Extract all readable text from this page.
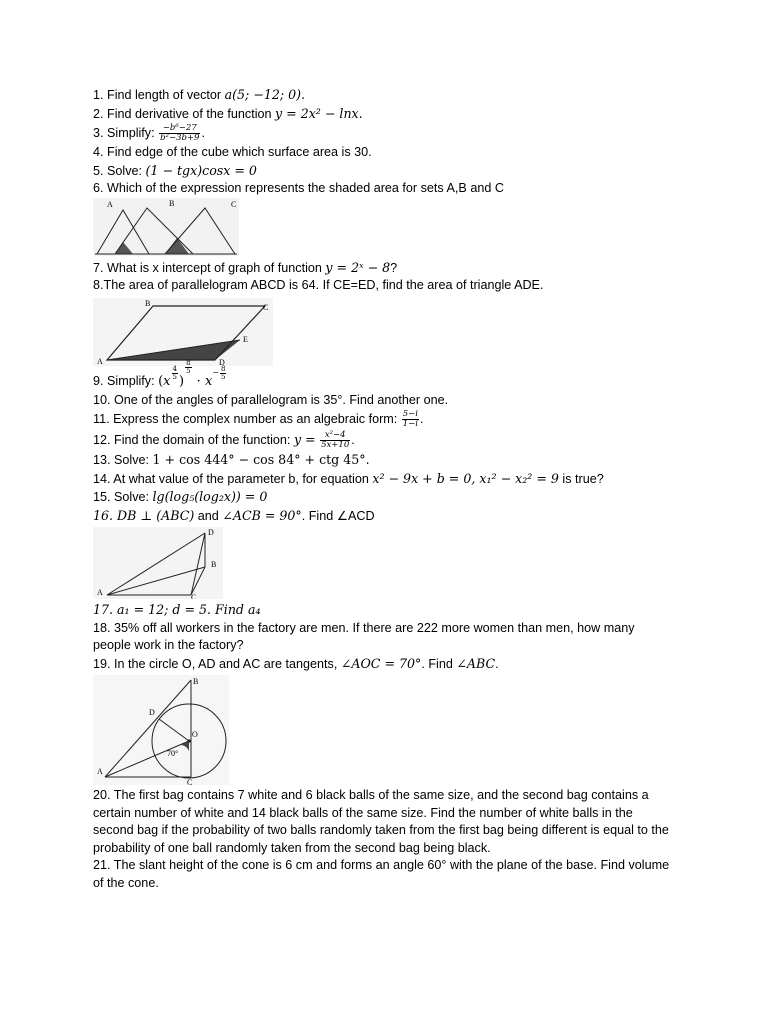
1. Find length of vector a(5; −12; 0).
2. Find derivative of the function y = 2x² − lnx.
3. Simplify: $\frac{\text{−b⁶−27}}{\text{b²−3b+9}}$ .
4. Find edge of the cube which surface area is 30.
5. Solve: (1 − tgx)cosx = 0
6. Which of the expression represents the shaded area for sets A,B and C
A	B	C
7. What is x intercept of graph of function y = 2ˣ − 8?
8.The area of parallelogram ABCD is 64. If CE=ED, find the area of triangle ADE.
B	C
E
A	D
9. Simplify: (x
$^{\frac{4}{5}}$
)
$^{\frac{8}{5}}$
· $x^{- \frac{8}{5}}$
10. One of the angles of parallelogram is 35°. Find another one.
11. Express the complex number as an algebraic form: $\frac{5-i}{1-i}$ .
12. Find the domain of the function: $y = \frac{\text{x²−4}}{5x+10}$ .
13. Solve: 1 + cos 444° − cos 84° + ctg 45°.
14. At what value of the parameter b, for equation x² − 9x + b = 0, x₁² − x₂² = 9 is true?
15. Solve: lg(log₅(log₂x)) = 0
16. DB ⊥ (ABC) and ∠ACB = 90°. Find ∠ACD
D
B
A
C
17. a₁ = 12; d = 5. Find a₄
18. 35% off all workers in the factory are men. If there are 222 more women than men, how many people work in the factory?
19. In the circle O, AD and AC are tangents, ∠AOC = 70°. Find ∠ABC.
B
D
O
70°
A
C
20. The first bag contains 7 white and 6 black balls of the same size, and the second bag contains a certain number of white and 14 black balls of the same size. Find the number of white balls in the second bag if the probability of two balls randomly taken from the first bag being different is equal to the probability of one ball randomly taken from the second bag being black.
21. The slant height of the cone is 6 cm and forms an angle 60° with the plane of the base. Find volume of the cone.
